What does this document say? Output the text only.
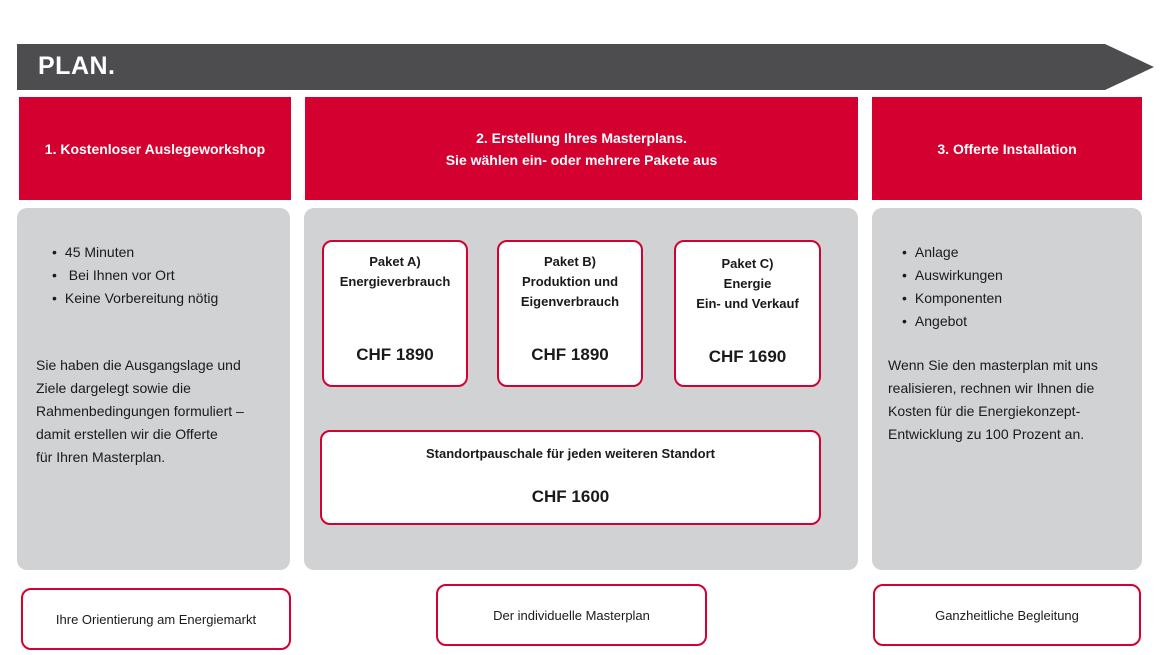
PLAN.
1. Kostenloser Auslegeworkshop
• 45 Minuten
• Bei Ihnen vor Ort
• Keine Vorbereitung nötig
Sie haben die Ausgangslage und
Ziele dargelegt sowie die
Rahmenbedingungen formuliert –
damit erstellen wir die Offerte
für Ihren Masterplan.
Ihre Orientierung am Energiemarkt
2. Erstellung Ihres Masterplans.
Sie wählen ein- oder mehrere Pakete aus
Paket A)
Energieverbrauch
CHF 1890
Paket B)
Produktion und
Eigenverbrauch
CHF 1890
Paket C)
Energie
Ein- und Verkauf
CHF 1690
Standortpauschale für jeden weiteren Standort
CHF 1600
Der individuelle Masterplan
3. Offerte Installation
• Anlage
• Auswirkungen
• Komponenten
• Angebot
Wenn Sie den masterplan mit uns
realisieren, rechnen wir Ihnen die
Kosten für die Energiekonzept-
Entwicklung zu 100 Prozent an.
Ganzheitliche Begleitung
